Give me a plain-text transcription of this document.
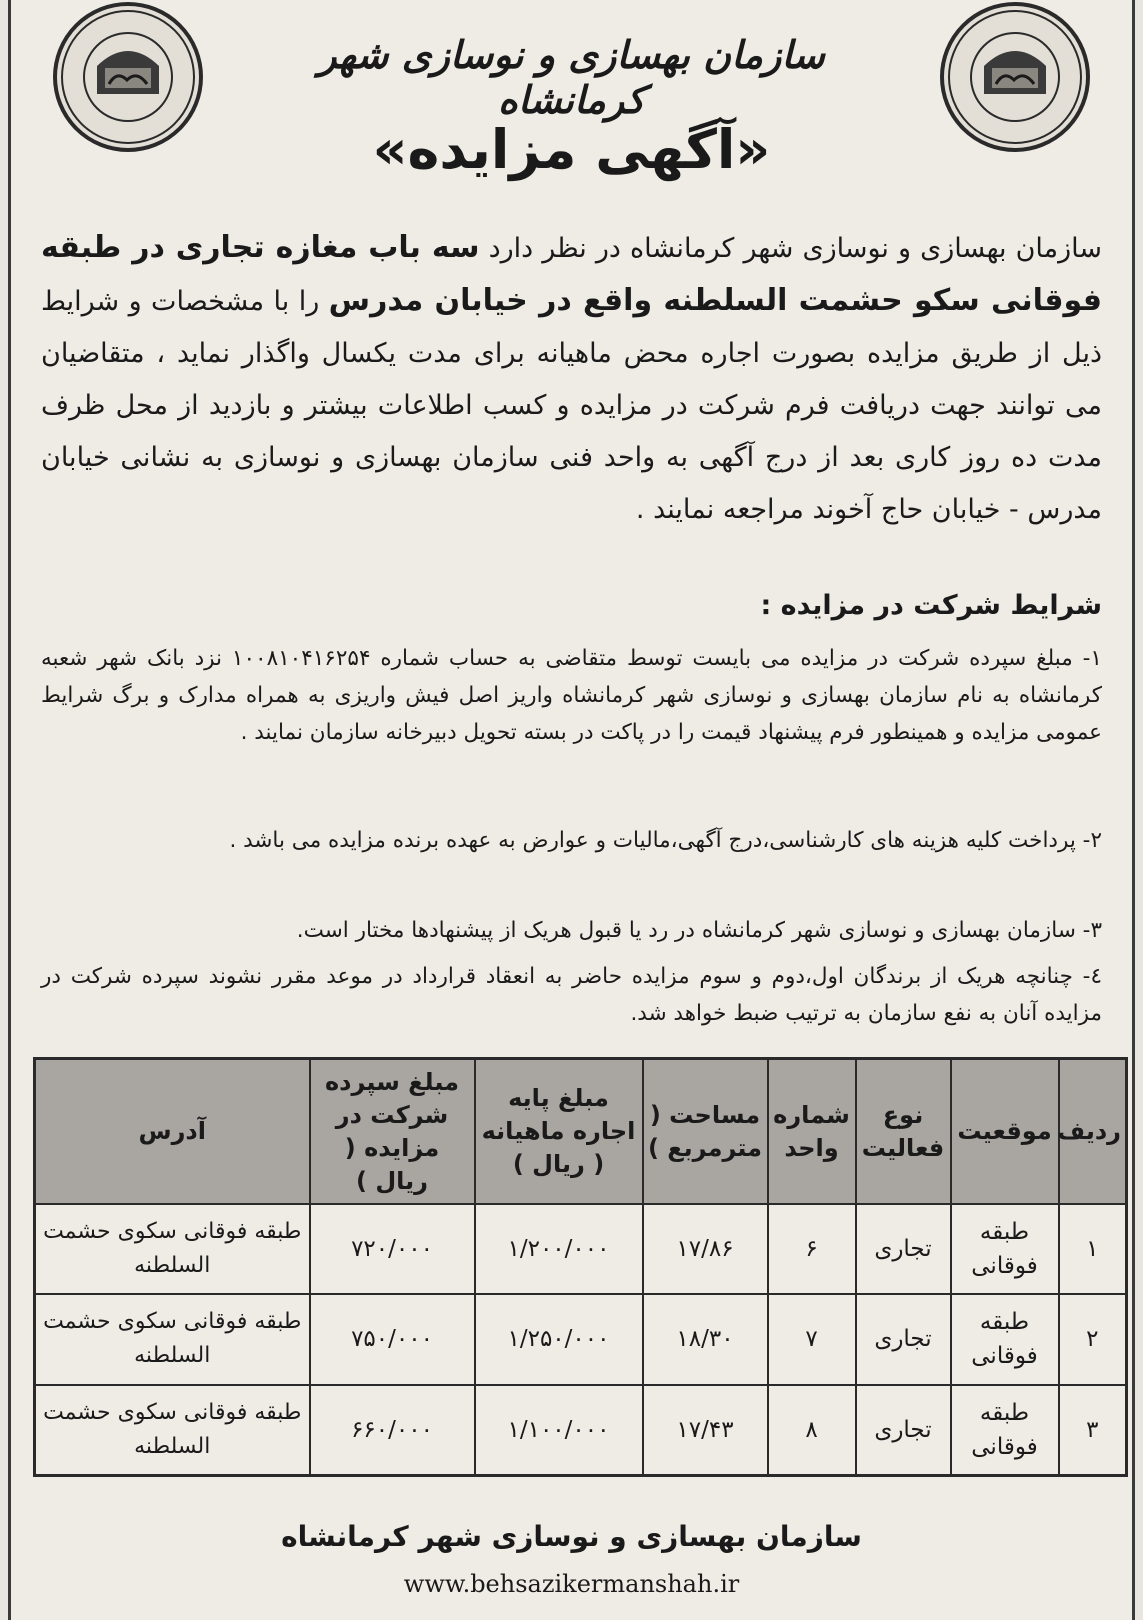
سازمان بهسازی و نوسازی شهر کرمانشاه
«آگهی مزایده»
سازمان بهسازی و نوسازی شهر کرمانشاه در نظر دارد سه باب مغازه تجاری در طبقه فوقانی سکو حشمت السلطنه واقع در خیابان مدرس را با مشخصات و شرایط ذیل از طریق مزایده بصورت اجاره محض ماهیانه برای مدت یکسال واگذار نماید ، متقاضیان می توانند جهت دریافت فرم شرکت در مزایده و کسب اطلاعات بیشتر و بازدید از محل ظرف مدت ده روز کاری بعد از درج آگهی به واحد فنی سازمان بهسازی و نوسازی به نشانی خیابان مدرس - خیابان حاج آخوند مراجعه نمایند .
شرایط شرکت در مزایده :
۱- مبلغ سپرده شرکت در مزایده می بایست توسط متقاضی به حساب شماره ۱۰۰۸۱۰۴۱۶۲۵۴ نزد بانک شهر شعبه کرمانشاه به نام سازمان بهسازی و نوسازی شهر کرمانشاه واریز اصل فیش واریزی به همراه مدارک و برگ شرایط عمومی مزایده و همینطور فرم پیشنهاد قیمت را در پاکت در بسته تحویل دبیرخانه سازمان نمایند .
۲- پرداخت کلیه هزینه های کارشناسی،درج آگهی،مالیات و عوارض به عهده برنده مزایده می باشد .
۳- سازمان بهسازی و نوسازی شهر کرمانشاه در رد یا قبول هریک از پیشنهادها مختار است.
٤- چنانچه هریک از برندگان اول،دوم و سوم مزایده حاضر به انعقاد قرارداد در موعد مقرر نشوند سپرده شرکت در مزایده آنان به نفع سازمان به ترتیب ضبط خواهد شد.
ردیف	موقعیت	نوع فعالیت	شماره واحد	مساحت ( مترمربع )	مبلغ پایه اجاره ماهیانه ( ریال )	مبلغ سپرده شرکت در مزایده ( ریال )	آدرس
۱	طبقه فوقانی	تجاری	۶	۱۷/۸۶	۱/۲۰۰/۰۰۰	۷۲۰/۰۰۰	طبقه فوقانی سکوی حشمت السلطنه
۲	طبقه فوقانی	تجاری	۷	۱۸/۳۰	۱/۲۵۰/۰۰۰	۷۵۰/۰۰۰	طبقه فوقانی سکوی حشمت السلطنه
۳	طبقه فوقانی	تجاری	۸	۱۷/۴۳	۱/۱۰۰/۰۰۰	۶۶۰/۰۰۰	طبقه فوقانی سکوی حشمت السلطنه
سازمان بهسازی و نوسازی شهر کرمانشاه
www.behsazikermanshah.ir
